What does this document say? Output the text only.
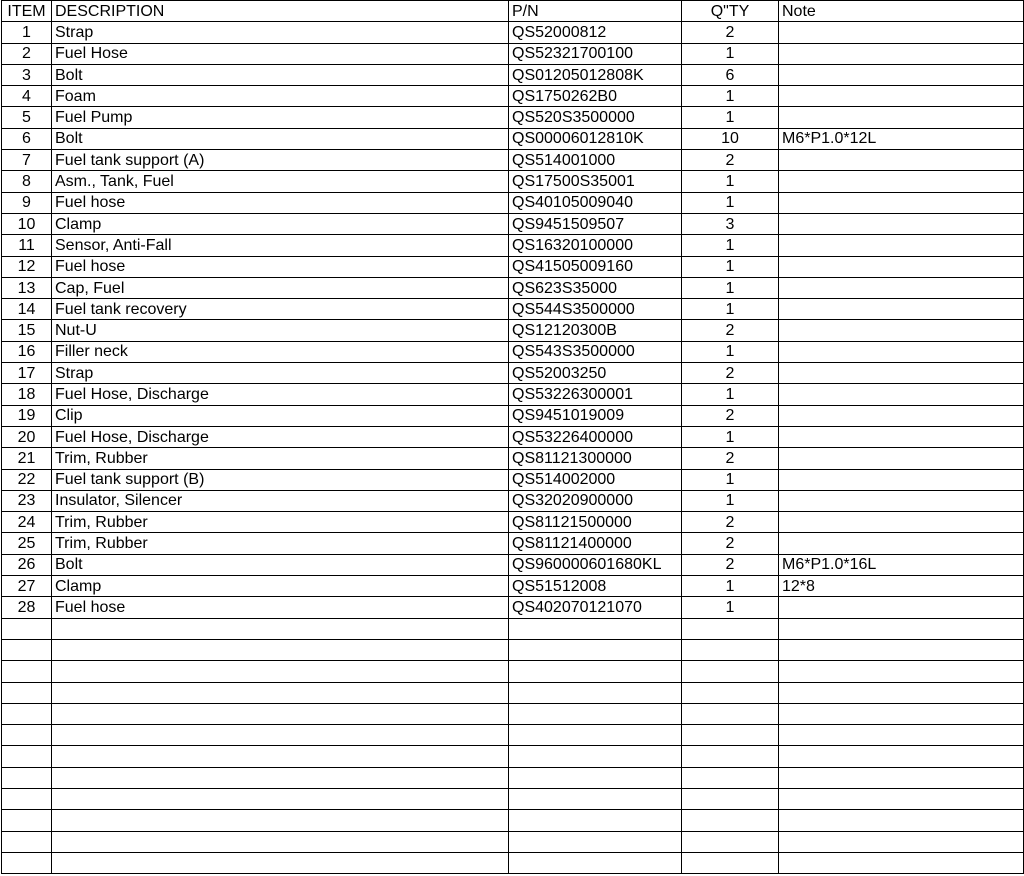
ITEM	DESCRIPTION	P/N	Q"TY	Note
1	Strap	QS52000812	2	
2	Fuel Hose	QS52321700100	1	
3	Bolt	QS01205012808K	6	
4	Foam	QS1750262B0	1	
5	Fuel Pump	QS520S3500000	1	
6	Bolt	QS00006012810K	10	M6*P1.0*12L
7	Fuel tank support (A)	QS514001000	2	
8	Asm., Tank, Fuel	QS17500S35001	1	
9	Fuel hose	QS40105009040	1	
10	Clamp	QS9451509507	3	
11	Sensor, Anti-Fall	QS16320100000	1	
12	Fuel hose	QS41505009160	1	
13	Cap, Fuel	QS623S35000	1	
14	Fuel tank recovery	QS544S3500000	1	
15	Nut-U	QS12120300B	2	
16	Filler neck	QS543S3500000	1	
17	Strap	QS52003250	2	
18	Fuel Hose, Discharge	QS53226300001	1	
19	Clip	QS9451019009	2	
20	Fuel Hose, Discharge	QS53226400000	1	
21	Trim, Rubber	QS81121300000	2	
22	Fuel tank support (B)	QS514002000	1	
23	Insulator, Silencer	QS32020900000	1	
24	Trim, Rubber	QS81121500000	2	
25	Trim, Rubber	QS81121400000	2	
26	Bolt	QS960000601680KL	2	M6*P1.0*16L
27	Clamp	QS51512008	1	12*8
28	Fuel hose	QS402070121070	1	
